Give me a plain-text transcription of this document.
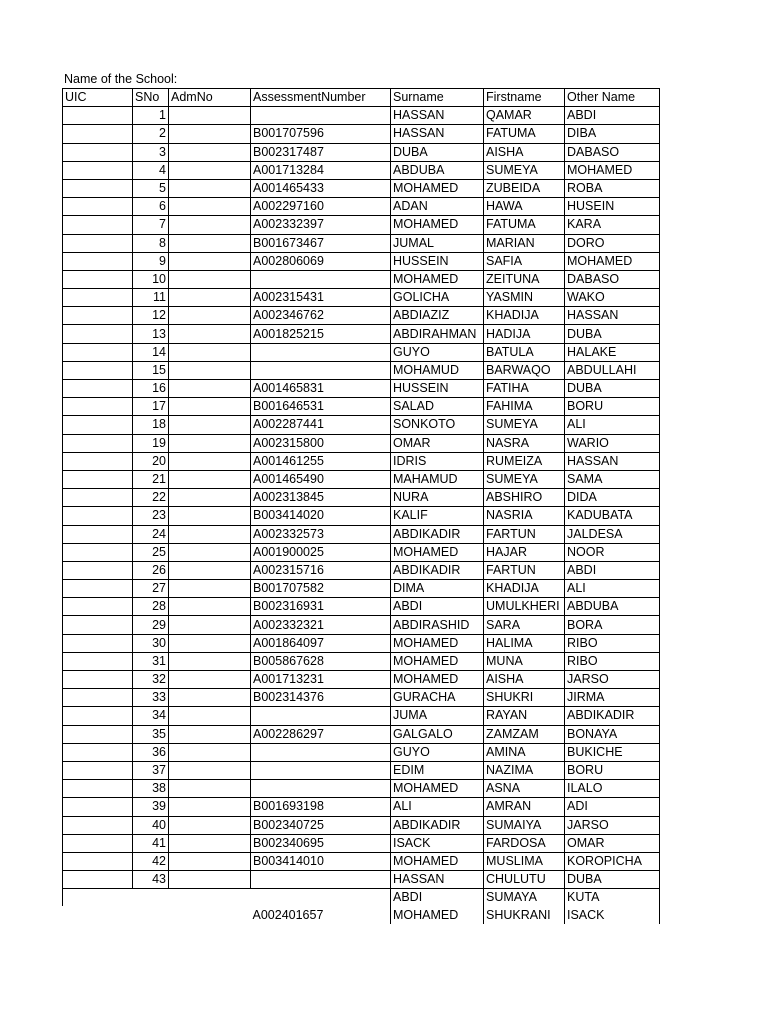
Name of the School:
UIC	SNo	AdmNo	AssessmentNumber	Surname	Firstname	Other Name
	1			HASSAN	QAMAR	ABDI
	2		B001707596	HASSAN	FATUMA	DIBA
	3		B002317487	DUBA	AISHA	DABASO
	4		A001713284	ABDUBA	SUMEYA	MOHAMED
	5		A001465433	MOHAMED	ZUBEIDA	ROBA
	6		A002297160	ADAN	HAWA	HUSEIN
	7		A002332397	MOHAMED	FATUMA	KARA
	8		B001673467	JUMAL	MARIAN	DORO
	9		A002806069	HUSSEIN	SAFIA	MOHAMED
	10			MOHAMED	ZEITUNA	DABASO
	11		A002315431	GOLICHA	YASMIN	WAKO
	12		A002346762	ABDIAZIZ	KHADIJA	HASSAN
	13		A001825215	ABDIRAHMAN	HADIJA	DUBA
	14			GUYO	BATULA	HALAKE
	15			MOHAMUD	BARWAQO	ABDULLAHI
	16		A001465831	HUSSEIN	FATIHA	DUBA
	17		B001646531	SALAD	FAHIMA	BORU
	18		A002287441	SONKOTO	SUMEYA	ALI
	19		A002315800	OMAR	NASRA	WARIO
	20		A001461255	IDRIS	RUMEIZA	HASSAN
	21		A001465490	MAHAMUD	SUMEYA	SAMA
	22		A002313845	NURA	ABSHIRO	DIDA
	23		B003414020	KALIF	NASRIA	KADUBATA
	24		A002332573	ABDIKADIR	FARTUN	JALDESA
	25		A001900025	MOHAMED	HAJAR	NOOR
	26		A002315716	ABDIKADIR	FARTUN	ABDI
	27		B001707582	DIMA	KHADIJA	ALI
	28		B002316931	ABDI	UMULKHERI	ABDUBA
	29		A002332321	ABDIRASHID	SARA	BORA
	30		A001864097	MOHAMED	HALIMA	RIBO
	31		B005867628	MOHAMED	MUNA	RIBO
	32		A001713231	MOHAMED	AISHA	JARSO
	33		B002314376	GURACHA	SHUKRI	JIRMA
	34			JUMA	RAYAN	ABDIKADIR
	35		A002286297	GALGALO	ZAMZAM	BONAYA
	36			GUYO	AMINA	BUKICHE
	37			EDIM	NAZIMA	BORU
	38			MOHAMED	ASNA	ILALO
	39		B001693198	ALI	AMRAN	ADI
	40		B002340725	ABDIKADIR	SUMAIYA	JARSO
	41		B002340695	ISACK	FARDOSA	OMAR
	42		B003414010	MOHAMED	MUSLIMA	KOROPICHA
	43			HASSAN	CHULUTU	DUBA
				ABDI	SUMAYA	KUTA
			A002401657	MOHAMED	SHUKRANI	ISACK
